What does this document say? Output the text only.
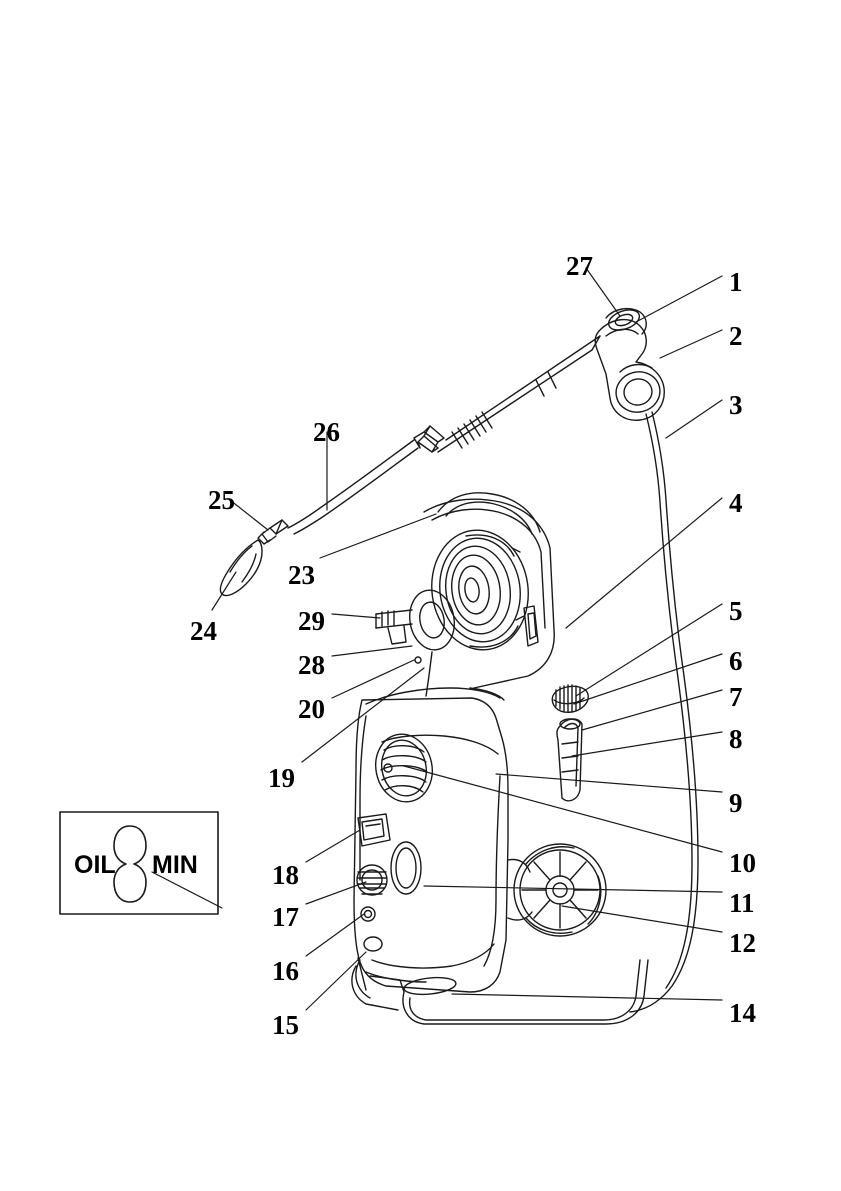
OIL MIN
27
1
2
3
26
4
25
23
24	29	5
6
28
7
20
8
19
9
10
18
11
17
12
16
15	14
